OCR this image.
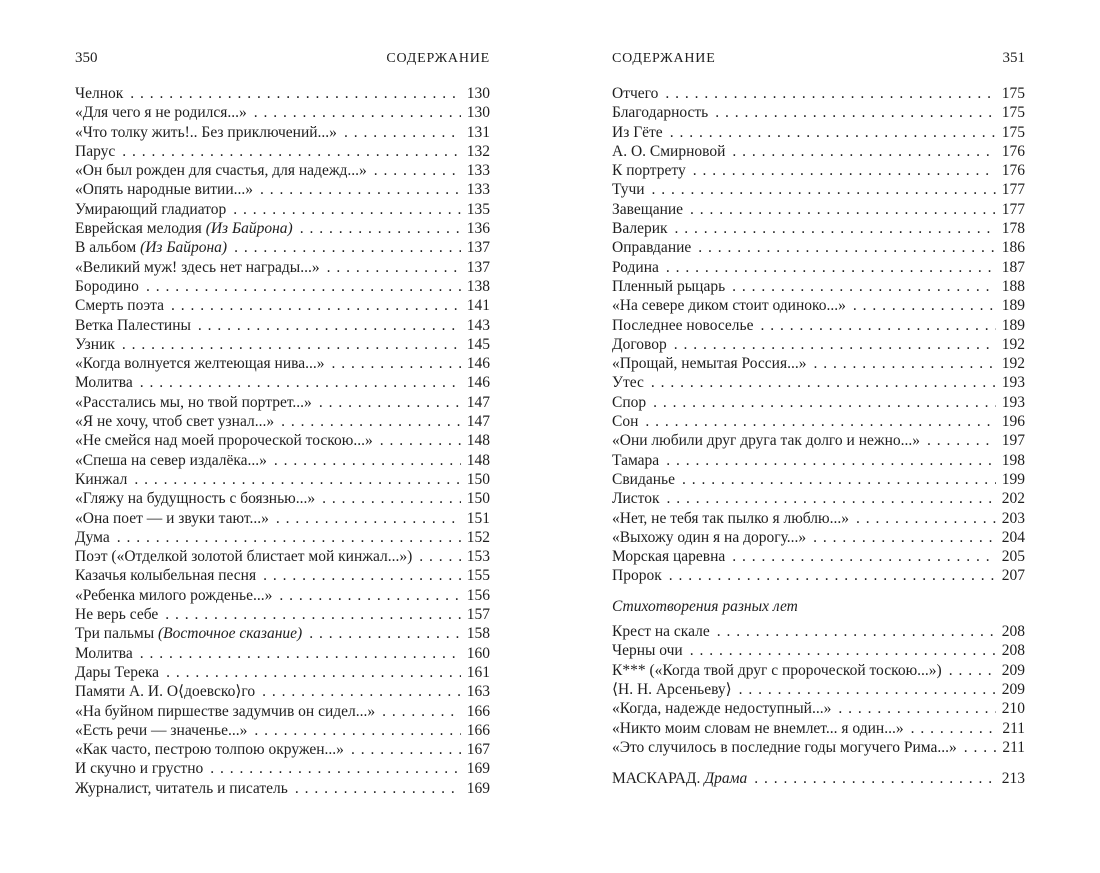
350	СОДЕРЖАНИЕ
Челнок . . .	130
«Для чего я не родился...» . . .	130
«Что толку жить!.. Без приключений...» . . .	131
Парус . . .	132
«Он был рожден для счастья, для надежд...» . . .	133
«Опять народные витии...» . . .	133
Умирающий гладиатор . . .	135
Еврейская мелодия (Из Байрона) . . .	136
В альбом (Из Байрона) . . .	137
«Великий муж! здесь нет награды...» . . .	137
Бородино . . .	138
Смерть поэта . . .	141
Ветка Палестины . . .	143
Узник . . .	145
«Когда волнуется желтеющая нива...» . . .	146
Молитва . . .	146
«Расстались мы, но твой портрет...» . . .	147
«Я не хочу, чтоб свет узнал...» . . .	147
«Не смейся над моей пророческой тоскою...» . . .	148
«Спеша на север издалёка...» . . .	148
Кинжал . . .	150
«Гляжу на будущность с боязнью...» . . .	150
«Она поет — и звуки тают...» . . .	151
Дума . . .	152
Поэт («Отделкой золотой блистает мой кинжал...») . . .	153
Казачья колыбельная песня . . .	155
«Ребенка милого рожденье...» . . .	156
Не верь себе . . .	157
Три пальмы (Восточное сказание) . . .	158
Молитва . . .	160
Дары Терека . . .	161
Памяти А. И. О⟨доевско⟩го . . .	163
«На буйном пиршестве задумчив он сидел...» . . .	166
«Есть речи — значенье...» . . .	166
«Как часто, пестрою толпою окружен...» . . .	167
И скучно и грустно . . .	169
Журналист, читатель и писатель . . .	169
СОДЕРЖАНИЕ	351
Отчего . . .	175
Благодарность . . .	175
Из Гёте . . .	175
А. О. Смирновой . . .	176
К портрету . . .	176
Тучи . . .	177
Завещание . . .	177
Валерик . . .	178
Оправдание . . .	186
Родина . . .	187
Пленный рыцарь . . .	188
«На севере диком стоит одиноко...» . . .	189
Последнее новоселье . . .	189
Договор . . .	192
«Прощай, немытая Россия...» . . .	192
Утес . . .	193
Спор . . .	193
Сон . . .	196
«Они любили друг друга так долго и нежно...» . . .	197
Тамара . . .	198
Свиданье . . .	199
Листок . . .	202
«Нет, не тебя так пылко я люблю...» . . .	203
«Выхожу один я на дорогу...» . . .	204
Морская царевна . . .	205
Пророк . . .	207
Стихотворения разных лет
Крест на скале . . .	208
Черны очи . . .	208
К*** («Когда твой друг с пророческой тоскою...») . . .	209
⟨Н. Н. Арсеньеву⟩ . . .	209
«Когда, надежде недоступный...» . . .	210
«Никто моим словам не внемлет... я один...» . . .	211
«Это случилось в последние годы могучего Рима...» . . .	211
МАСКАРАД. Драма . . .	213
